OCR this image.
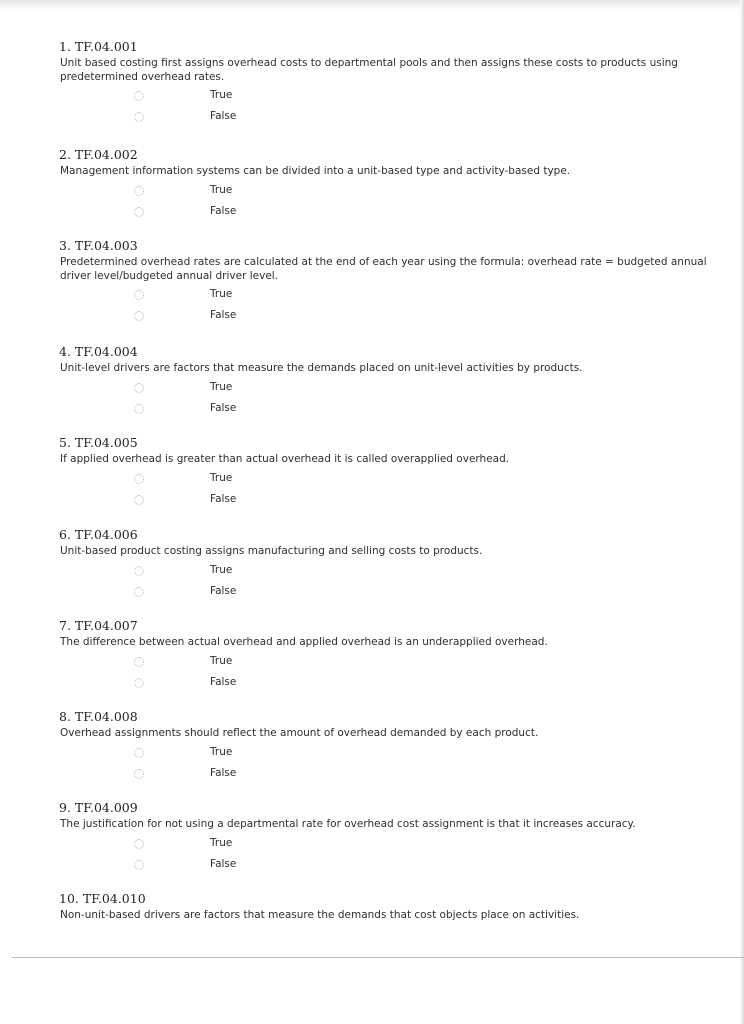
1. TF.04.001
Unit based costing first assigns overhead costs to departmental pools and then assigns these costs to products using predetermined overhead rates.
True
False
2. TF.04.002
Management information systems can be divided into a unit-based type and activity-based type.
True
False
3. TF.04.003
Predetermined overhead rates are calculated at the end of each year using the formula: overhead rate = budgeted annual driver level/budgeted annual driver level.
True
False
4. TF.04.004
Unit-level drivers are factors that measure the demands placed on unit-level activities by products.
True
False
5. TF.04.005
If applied overhead is greater than actual overhead it is called overapplied overhead.
True
False
6. TF.04.006
Unit-based product costing assigns manufacturing and selling costs to products.
True
False
7. TF.04.007
The difference between actual overhead and applied overhead is an underapplied overhead.
True
False
8. TF.04.008
Overhead assignments should reflect the amount of overhead demanded by each product.
True
False
9. TF.04.009
The justification for not using a departmental rate for overhead cost assignment is that it increases accuracy.
True
False
10. TF.04.010
Non-unit-based drivers are factors that measure the demands that cost objects place on activities.
